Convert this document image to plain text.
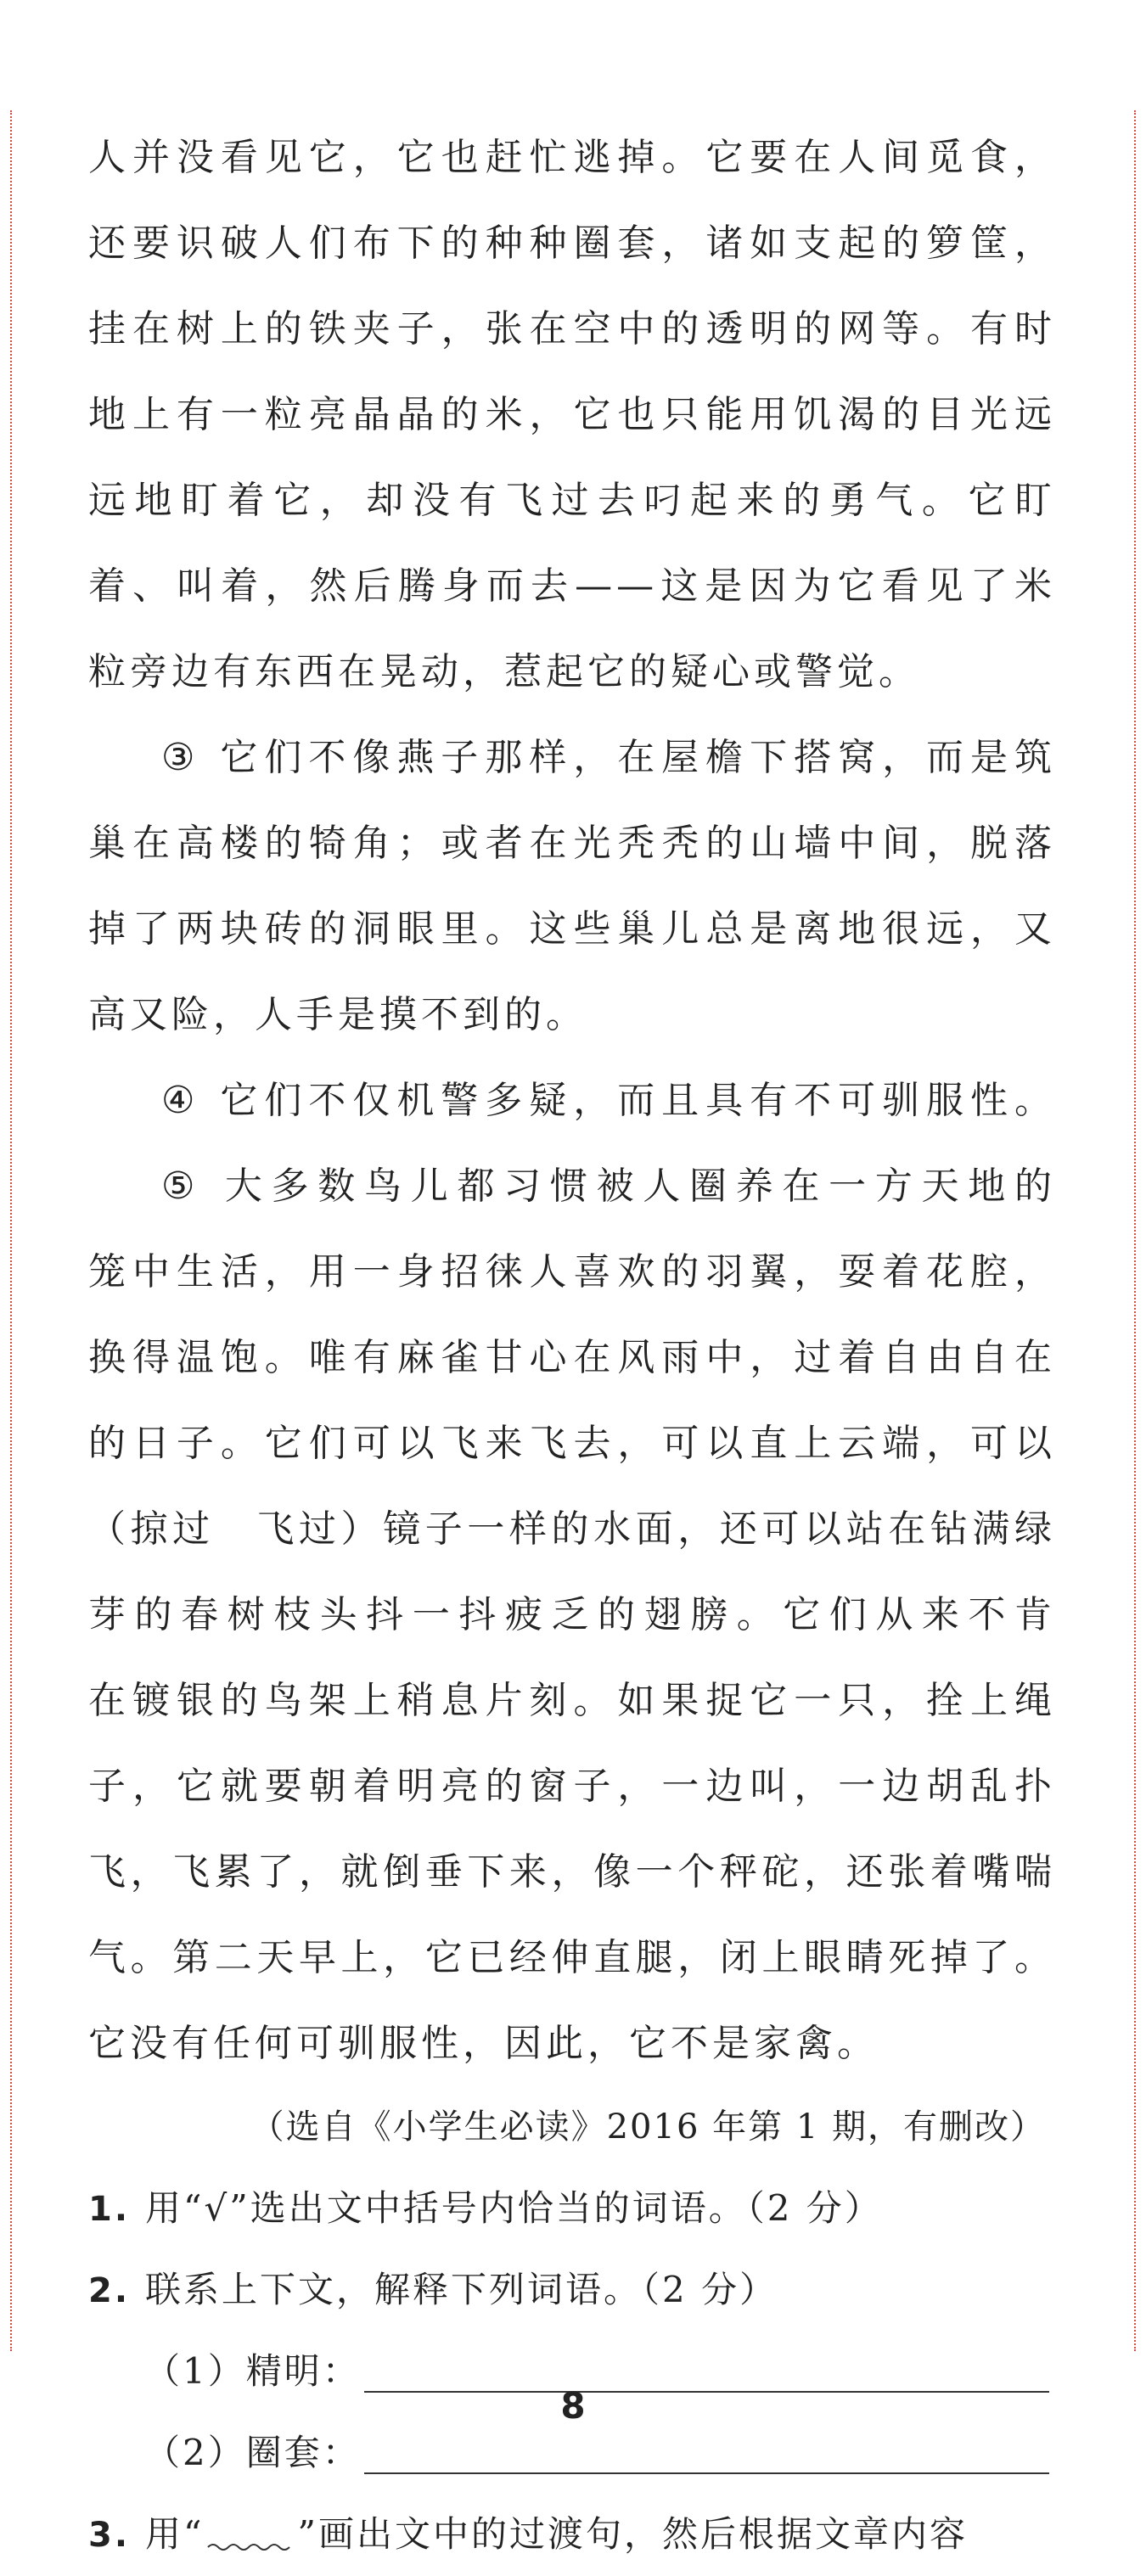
人并没看见它，它也赶忙逃掉。它要在人间觅食，
还要识破人们布下的种种圈套，诸如支起的箩筐，
挂在树上的铁夹子，张在空中的透明的网等。有时
地上有一粒亮晶晶的米，它也只能用饥渴的目光远
远地盯着它，却没有飞过去叼起来的勇气。它盯
着、叫着，然后腾身而去——这是因为它看见了米
粒旁边有东西在晃动，惹起它的疑心或警觉。
③ 它们不像燕子那样，在屋檐下搭窝，而是筑
巢在高楼的犄角；或者在光秃秃的山墙中间，脱落
掉了两块砖的洞眼里。这些巢儿总是离地很远，又
高又险，人手是摸不到的。
④ 它们不仅机警多疑，而且具有不可驯服性。
⑤ 大多数鸟儿都习惯被人圈养在一方天地的
笼中生活，用一身招徕人喜欢的羽翼，耍着花腔，
换得温饱。唯有麻雀甘心在风雨中，过着自由自在
的日子。它们可以飞来飞去，可以直上云端，可以
（掠过　飞过）镜子一样的水面，还可以站在钻满绿
芽的春树枝头抖一抖疲乏的翅膀。它们从来不肯
在镀银的鸟架上稍息片刻。如果捉它一只，拴上绳
子，它就要朝着明亮的窗子，一边叫，一边胡乱扑
飞，飞累了，就倒垂下来，像一个秤砣，还张着嘴喘
气。第二天早上，它已经伸直腿，闭上眼睛死掉了。
它没有任何可驯服性，因此，它不是家禽。
（选自《小学生必读》2016 年第 1 期，有删改）
1. 用“√”选出文中括号内恰当的词语。（2 分）
2. 联系上下文，解释下列词语。（2 分）
（1）精明：
（2）圈套：
3. 用“	”画出文中的过渡句，然后根据文章内容
8
